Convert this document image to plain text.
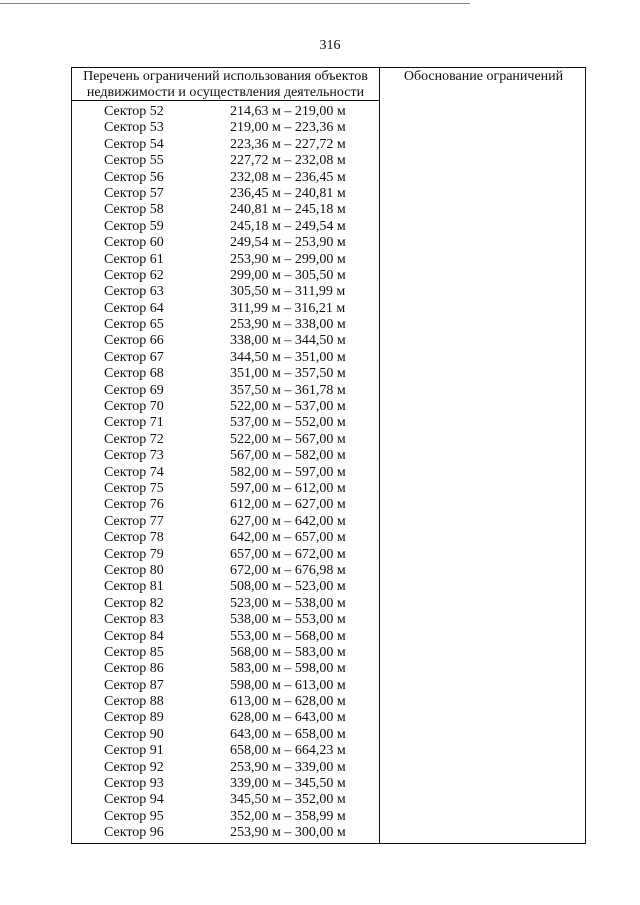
316
Перечень ограничений использования объектов недвижимости и осуществления деятельности
Обоснование ограничений
Сектор 52	214,63 м – 219,00 м
Сектор 53	219,00 м – 223,36 м
Сектор 54	223,36 м – 227,72 м
Сектор 55	227,72 м – 232,08 м
Сектор 56	232,08 м – 236,45 м
Сектор 57	236,45 м – 240,81 м
Сектор 58	240,81 м – 245,18 м
Сектор 59	245,18 м – 249,54 м
Сектор 60	249,54 м – 253,90 м
Сектор 61	253,90 м – 299,00 м
Сектор 62	299,00 м – 305,50 м
Сектор 63	305,50 м – 311,99 м
Сектор 64	311,99 м – 316,21 м
Сектор 65	253,90 м – 338,00 м
Сектор 66	338,00 м – 344,50 м
Сектор 67	344,50 м – 351,00 м
Сектор 68	351,00 м – 357,50 м
Сектор 69	357,50 м – 361,78 м
Сектор 70	522,00 м – 537,00 м
Сектор 71	537,00 м – 552,00 м
Сектор 72	522,00 м – 567,00 м
Сектор 73	567,00 м – 582,00 м
Сектор 74	582,00 м – 597,00 м
Сектор 75	597,00 м – 612,00 м
Сектор 76	612,00 м – 627,00 м
Сектор 77	627,00 м – 642,00 м
Сектор 78	642,00 м – 657,00 м
Сектор 79	657,00 м – 672,00 м
Сектор 80	672,00 м – 676,98 м
Сектор 81	508,00 м – 523,00 м
Сектор 82	523,00 м – 538,00 м
Сектор 83	538,00 м – 553,00 м
Сектор 84	553,00 м – 568,00 м
Сектор 85	568,00 м – 583,00 м
Сектор 86	583,00 м – 598,00 м
Сектор 87	598,00 м – 613,00 м
Сектор 88	613,00 м – 628,00 м
Сектор 89	628,00 м – 643,00 м
Сектор 90	643,00 м – 658,00 м
Сектор 91	658,00 м – 664,23 м
Сектор 92	253,90 м – 339,00 м
Сектор 93	339,00 м – 345,50 м
Сектор 94	345,50 м – 352,00 м
Сектор 95	352,00 м – 358,99 м
Сектор 96	253,90 м – 300,00 м
